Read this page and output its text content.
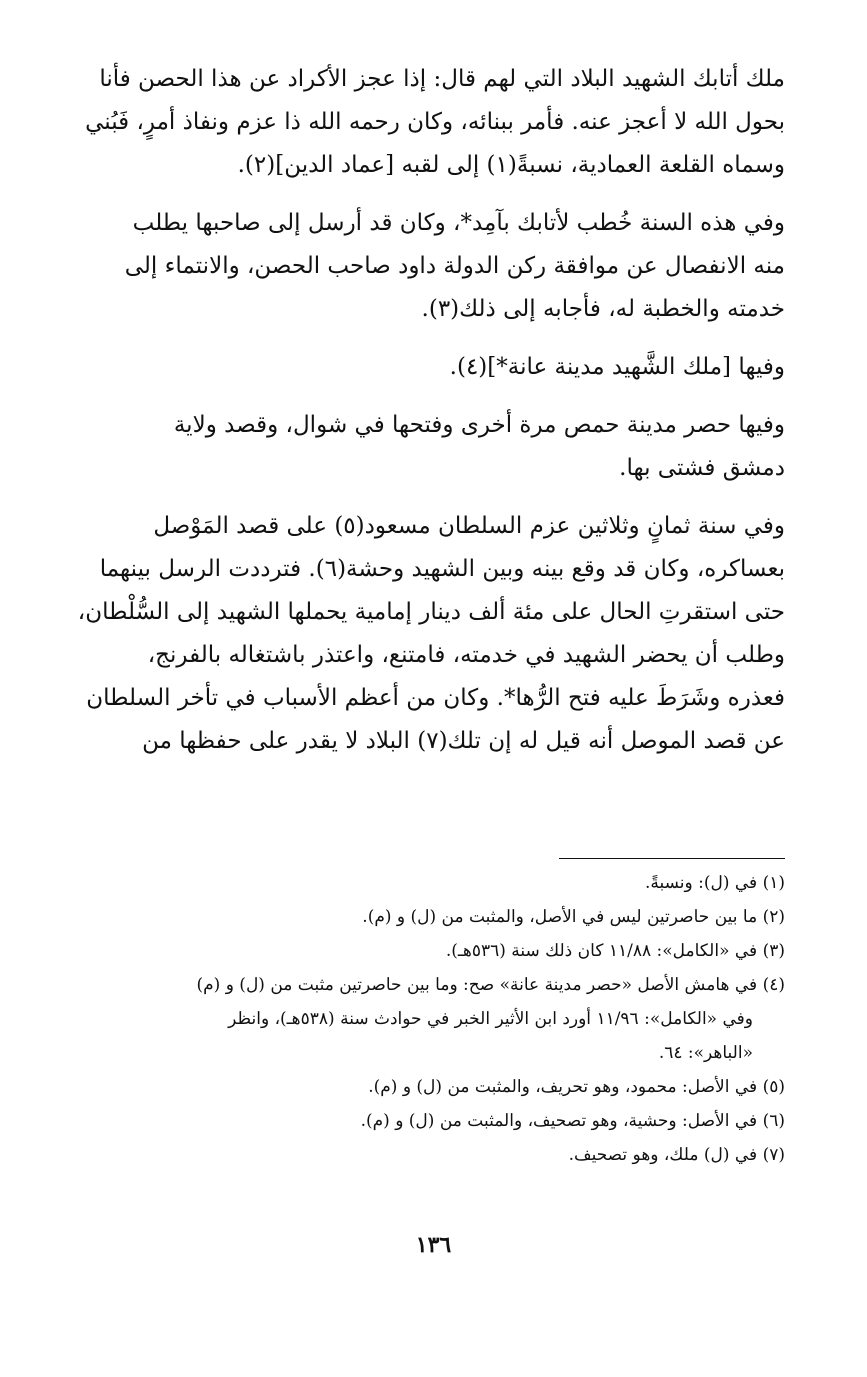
ملك أتابك الشهيد البلاد التي لهم قال: إذا عجز الأكراد عن هذا الحصن فأنا
بحول الله لا أعجز عنه. فأمر ببنائه، وكان رحمه الله ذا عزم ونفاذ أمرٍ، فَبُني
وسماه القلعة العمادية، نسبةً(١) إلى لقبه [عماد الدين](٢).
وفي هذه السنة خُطب لأتابك بآمِد*، وكان قد أرسل إلى صاحبها يطلب
منه الانفصال عن موافقة ركن الدولة داود صاحب الحصن، والانتماء إلى
خدمته والخطبة له، فأجابه إلى ذلك(٣).
وفيها [ملك الشَّهيد مدينة عانة*](٤).
وفيها حصر مدينة حمص مرة أخرى وفتحها في شوال، وقصد ولاية
دمشق فشتى بها.
وفي سنة ثمانٍ وثلاثين عزم السلطان مسعود(٥) على قصد المَوْصل
بعساكره، وكان قد وقع بينه وبين الشهيد وحشة(٦). فترددت الرسل بينهما
حتى استقرتِ الحال على مئة ألف دينار إمامية يحملها الشهيد إلى السُّلْطان،
وطلب أن يحضر الشهيد في خدمته، فامتنع، واعتذر باشتغاله بالفرنج،
فعذره وشَرَطَ عليه فتح الرُّها*. وكان من أعظم الأسباب في تأخر السلطان
عن قصد الموصل أنه قيل له إن تلك(٧) البلاد لا يقدر على حفظها من
(١) في (ل): ونسبةً.
(٢) ما بين حاصرتين ليس في الأصل، والمثبت من (ل) و (م).
(٣) في «الكامل»: ١١/٨٨ كان ذلك سنة (٥٣٦هـ).
(٤) في هامش الأصل «حصر مدينة عانة» صح: وما بين حاصرتين مثبت من (ل) و (م)
وفي «الكامل»: ١١/٩٦ أورد ابن الأثير الخبر في حوادث سنة (٥٣٨هـ)، وانظر
«الباهر»: ٦٤.
(٥) في الأصل: محمود، وهو تحريف، والمثبت من (ل) و (م).
(٦) في الأصل: وحشية، وهو تصحيف، والمثبت من (ل) و (م).
(٧) في (ل) ملك، وهو تصحيف.
١٣٦
